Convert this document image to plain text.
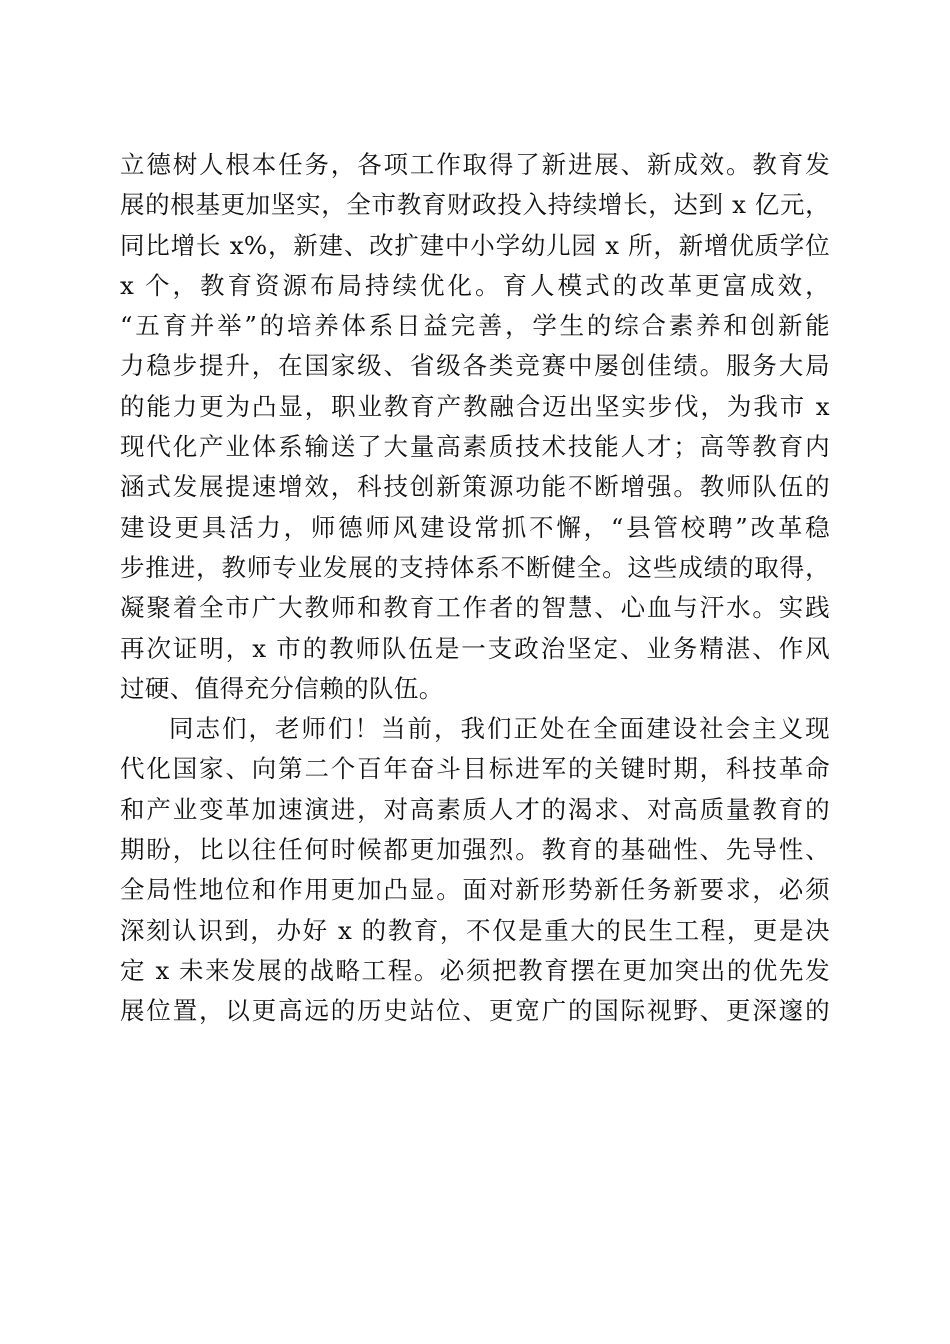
立德树人根本任务，各项工作取得了新进展、新成效。教育发
展的根基更加坚实，全市教育财政投入持续增长，达到 x 亿元，
同比增长 x%，新建、改扩建中小学幼儿园 x 所，新增优质学位
x 个，教育资源布局持续优化。育人模式的改革更富成效，
“五育并举”的培养体系日益完善，学生的综合素养和创新能
力稳步提升，在国家级、省级各类竞赛中屡创佳绩。服务大局
的能力更为凸显，职业教育产教融合迈出坚实步伐，为我市 x
现代化产业体系输送了大量高素质技术技能人才；高等教育内
涵式发展提速增效，科技创新策源功能不断增强。教师队伍的
建设更具活力，师德师风建设常抓不懈，“县管校聘”改革稳
步推进，教师专业发展的支持体系不断健全。这些成绩的取得，
凝聚着全市广大教师和教育工作者的智慧、心血与汗水。实践
再次证明，x 市的教师队伍是一支政治坚定、业务精湛、作风
过硬、值得充分信赖的队伍。
同志们，老师们！当前，我们正处在全面建设社会主义现
代化国家、向第二个百年奋斗目标进军的关键时期，科技革命
和产业变革加速演进，对高素质人才的渴求、对高质量教育的
期盼，比以往任何时候都更加强烈。教育的基础性、先导性、
全局性地位和作用更加凸显。面对新形势新任务新要求，必须
深刻认识到，办好 x 的教育，不仅是重大的民生工程，更是决
定 x 未来发展的战略工程。必须把教育摆在更加突出的优先发
展位置，以更高远的历史站位、更宽广的国际视野、更深邃的
